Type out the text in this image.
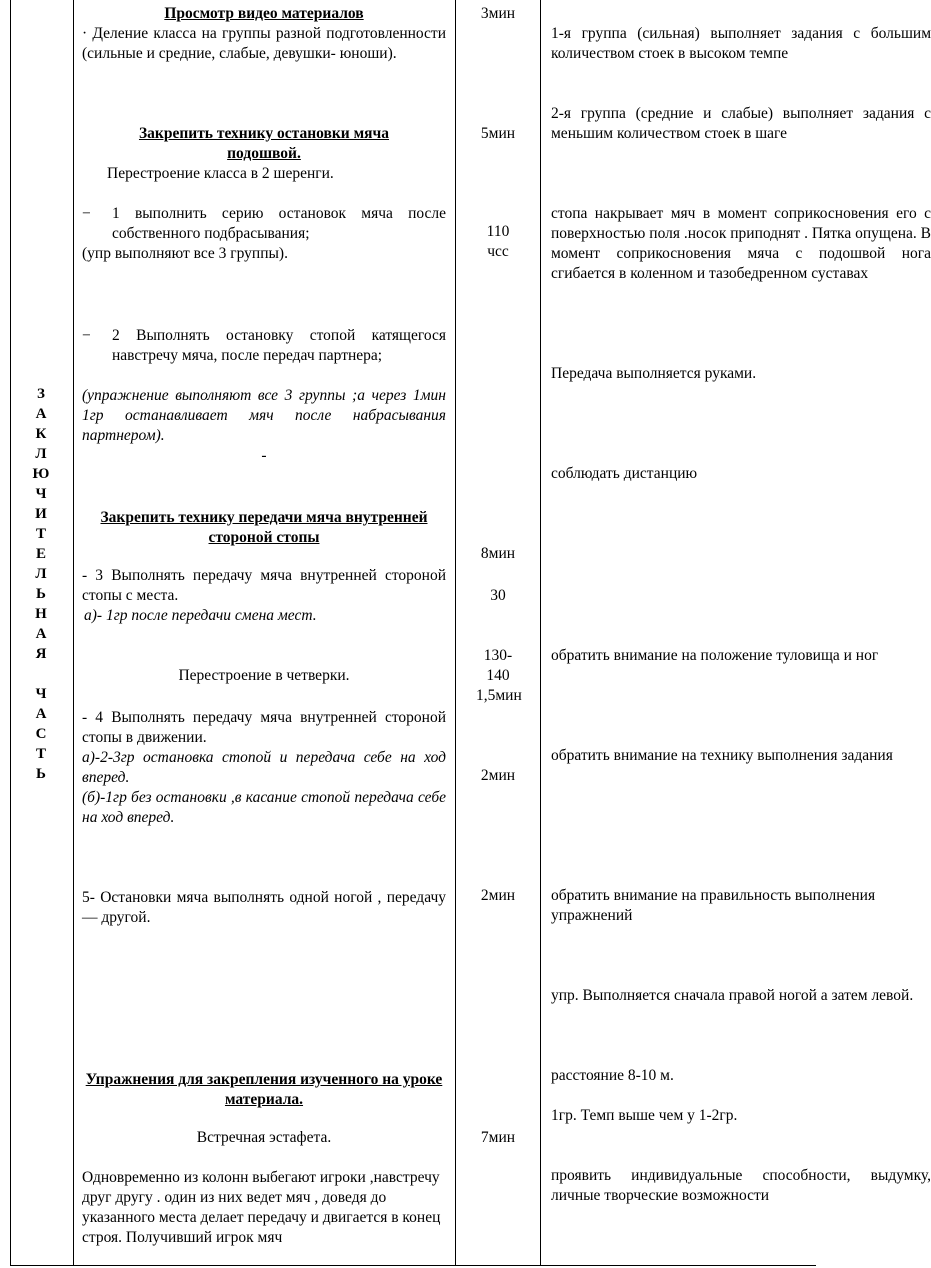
З
А
К
Л
Ю
Ч
И
Т
Е
Л
Ь
Н
А
Я

Ч
А
С
Т
Ь
Просмотр видео материалов
· Деление класса на группы разной подготовленности (сильные и средние, слабые, девушки- юноши).
Закрепить технику остановки мяча подошвой.
Перестроение класса в 2 шеренги.
−	1 выполнить серию остановок мяча после собственного подбрасывания;
(упр выполняют все 3 группы).
−	2 Выполнять остановку стопой катящегося навстречу мяча, после передач партнера;
(упражнение выполняют все 3 группы ;а через 1мин 1гр останавливает мяч после набрасывания партнером).
-
Закрепить технику передачи мяча внутренней стороной стопы
- 3 Выполнять передачу мяча внутренней стороной стопы с места.
а)- 1гр после передачи смена мест.
Перестроение в четверки.
- 4 Выполнять передачу мяча внутренней стороной стопы в движении.
а)-2-3гр остановка стопой и передача себе на ход вперед.
(б)-1гр без остановки ,в касание стопой передача себе на ход вперед.
5- Остановки мяча выполнять одной ногой , передачу — другой.
Упражнения для закрепления изученного на уроке материала.
Встречная эстафета.
Одновременно из колонн выбегают игроки ,навстречу друг другу . один из них ведет мяч , доведя до указанного места делает передачу и двигается в конец строя. Получивший игрок мяч
3мин
5мин
110 чсс
8мин
30
130-140 1,5мин
2мин
2мин
7мин
1-я группа (сильная) выполняет задания с большим количеством стоек в высоком темпе
2-я группа (средние и слабые) выполняет задания с меньшим количеством стоек в шаге
стопа накрывает мяч в момент соприкосновения его с поверхностью поля .носок приподнят . Пятка опущена. В момент соприкосновения мяча с подошвой нога сгибается в коленном и тазобедренном суставах
Передача выполняется руками.
соблюдать дистанцию
обратить внимание на положение туловища и ног
обратить внимание на технику выполнения задания
обратить внимание на правильность выполнения упражнений
упр. Выполняется сначала правой ногой а затем левой.
расстояние 8-10 м.
1гр. Темп выше чем у 1-2гр.
проявить индивидуальные способности, выдумку, личные творческие возможности
